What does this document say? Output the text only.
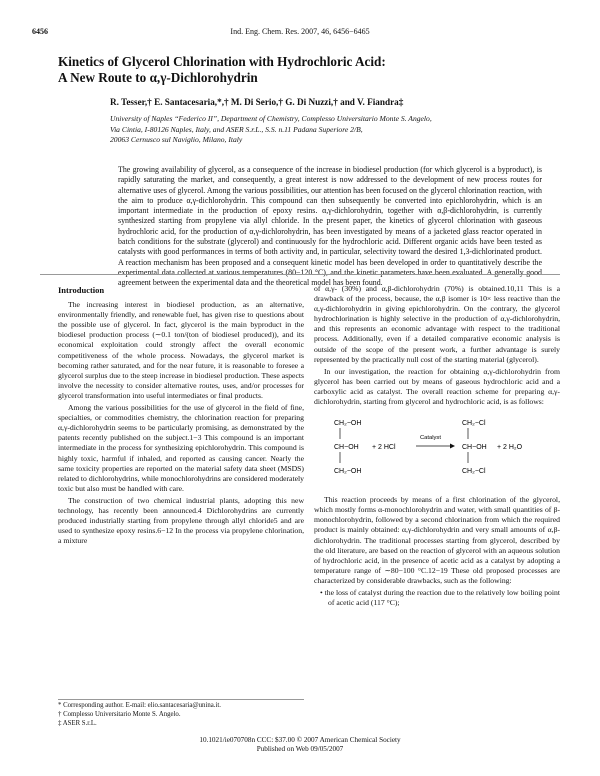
6456	Ind. Eng. Chem. Res. 2007, 46, 6456−6465
Kinetics of Glycerol Chlorination with Hydrochloric Acid:
A New Route to α,γ-Dichlorohydrin
R. Tesser,† E. Santacesaria,*,† M. Di Serio,† G. Di Nuzzi,† and V. Fiandra‡
University of Naples “Federico II”, Department of Chemistry, Complesso Universitario Monte S. Angelo,
Via Cintia, I-80126 Naples, Italy, and ASER S.r.L., S.S. n.11 Padana Superiore 2/B,
20063 Cernusco sul Naviglio, Milano, Italy
The growing availability of glycerol, as a consequence of the increase in biodiesel production (for which glycerol is a byproduct), is rapidly saturating the market, and consequently, a great interest is now addressed to the development of new process routes for alternative uses of glycerol. Among the various possibilities, our attention has been focused on the glycerol chlorination reaction, with the aim to produce α,γ-dichlorohydrin. This compound can then subsequently be converted into epichlorohydrin, which is an important intermediate in the production of epoxy resins. α,γ-dichlorohydrin, together with α,β-dichlorohydrin, is currently synthesized starting from propylene via allyl chloride. In the present paper, the kinetics of glycerol chlorination with gaseous hydrochloric acid, for the production of α,γ-dichlorohydrin, has been investigated by means of a jacketed glass reactor operated in batch conditions for the substrate (glycerol) and continuously for the hydrochloric acid. Different organic acids have been tested as catalysts with good performances in terms of both activity and, in particular, selectivity toward the desired 1,3-dichlorinated product. A reaction mechanism has been proposed and a consequent kinetic model has been developed in order to quantitatively describe the experimental data collected at various temperatures (80−120 °C), and the kinetic parameters have been evaluated. A generally good agreement between the experimental data and the theoretical model has been found.
Introduction

The increasing interest in biodiesel production, as an alternative, environmentally friendly, and renewable fuel, has given rise to questions about the possible use of glycerol. In fact, glycerol is the main byproduct in the biodiesel production process (∼0.1 ton/(ton of biodiesel produced)), and its economical exploitation could strongly affect the overall economic competitiveness of the whole process. Nowadays, the glycerol market is becoming rather saturated, and for the near future, it is reasonable to foresee a glycerol surplus due to the steep increase in biodiesel production. These aspects involve the necessity to consider alternative routes, uses, and/or processes for glycerol transformation into useful intermediates or final products.

Among the various possibilities for the use of glycerol in the field of fine, specialties, or commodities chemistry, the chlorination reaction for preparing α,γ-dichlorohydrin seems to be particularly promising, as demonstrated by the patents recently published on the subject.1−3 This compound is an important intermediate in the process for synthesizing epichlorohydrin. This compound is highly toxic, harmful if inhaled, and reported as causing cancer. Nearly the same toxicity properties are reported on the material safety data sheet (MSDS) related to dichlorohydrins, while monochlorohydrins are considered moderately toxic but also must be handled with care.

The construction of two chemical industrial plants, adopting this new technology, has recently been announced.4 Dichlorohydrins are currently produced industrially starting from propylene through allyl chloride5 and are used to synthesize epoxy resins.6−12 In the process via propylene chlorination, a mixture

* Corresponding author. E-mail: elio.santacesaria@unina.it.
† Complesso Universitario Monte S. Angelo.
‡ ASER S.r.L.

of α,γ- (30%) and α,β-dichlorohydrin (70%) is obtained.10,11 This is a drawback of the process, because, the α,β isomer is 10× less reactive than the α,γ-dichlorohydrin in giving epichlorohydrin. On the contrary, the glycerol hydrochlorination is highly selective in the production of α,γ-dichlorohydrin, and this represents an economic advantage with respect to the traditional process. Additionally, even if a detailed comparative economic analysis is outside of the scope of the present work, a further advantage is surely represented by the practically null cost of the starting material (glycerol).

In our investigation, the reaction for obtaining α,γ-dichlorohydrin from glycerol has been carried out by means of gaseous hydrochloric acid and a carboxylic acid as catalyst. The overall reaction scheme for preparing α,γ-dichlorohydrin, starting from glycerol and hydrochloric acid, is as follows:

CH₂−OH
CH−OH
CH₂−OH
+ 2 HCl
Catalyst
CH₂−Cl
CH−OH
CH₂−Cl
+ 2 H₂O

This reaction proceeds by means of a first chlorination of the glycerol, which mostly forms α-monochlorohydrin and water, with small quantities of β-monochlorohydrin, followed by a second chlorination from which the required product is mainly obtained: α,γ-dichlorohydrin and very small amounts of α,β-dichlorohydrin. The traditional processes starting from glycerol, described by the old literature, are based on the reaction of glycerol with an aqueous solution of hydrochloric acid, in the presence of acetic acid as a catalyst by adopting a temperature range of ∼80−100 °C.12−19 These old proposed processes are characterized by considerable drawbacks, such as the following:

• the loss of catalyst during the reaction due to the relatively low boiling point of acetic acid (117 °C);
10.1021/ie070708n CCC: $37.00 © 2007 American Chemical Society
Published on Web 09/05/2007
